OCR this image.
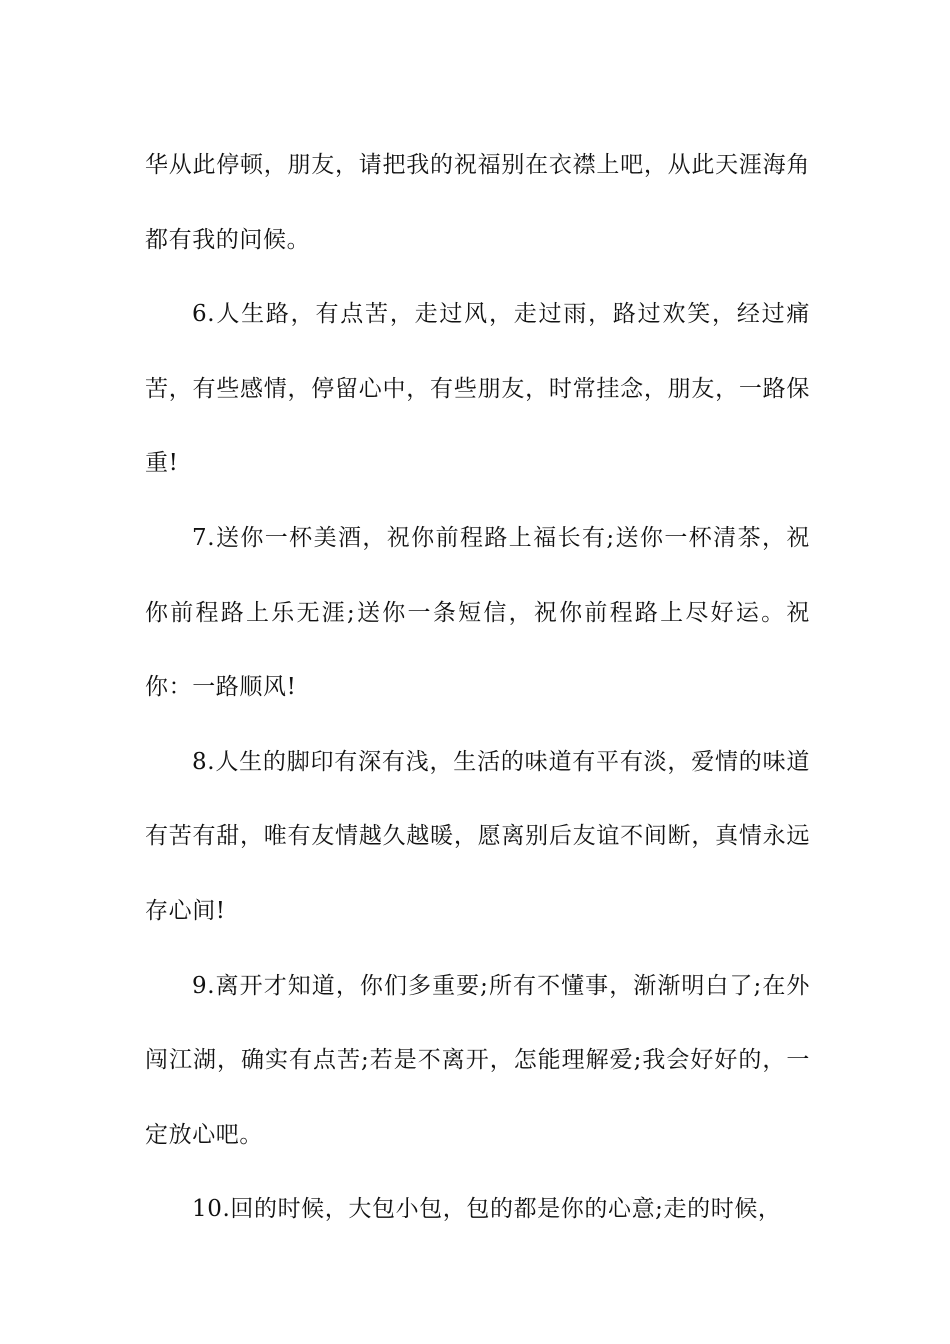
华从此停顿，朋友，请把我的祝福别在衣襟上吧，从此天涯海角都有我的问候。

6.人生路，有点苦，走过风，走过雨，路过欢笑，经过痛苦，有些感情，停留心中，有些朋友，时常挂念，朋友，一路保重!

7.送你一杯美酒，祝你前程路上福长有;送你一杯清茶，祝你前程路上乐无涯;送你一条短信，祝你前程路上尽好运。祝你：一路顺风!

8.人生的脚印有深有浅，生活的味道有平有淡，爱情的味道有苦有甜，唯有友情越久越暖，愿离别后友谊不间断，真情永远存心间!

9.离开才知道，你们多重要;所有不懂事，渐渐明白了;在外闯江湖，确实有点苦;若是不离开，怎能理解爱;我会好好的，一定放心吧。

10.回的时候，大包小包，包的都是你的心意;走的时候，
